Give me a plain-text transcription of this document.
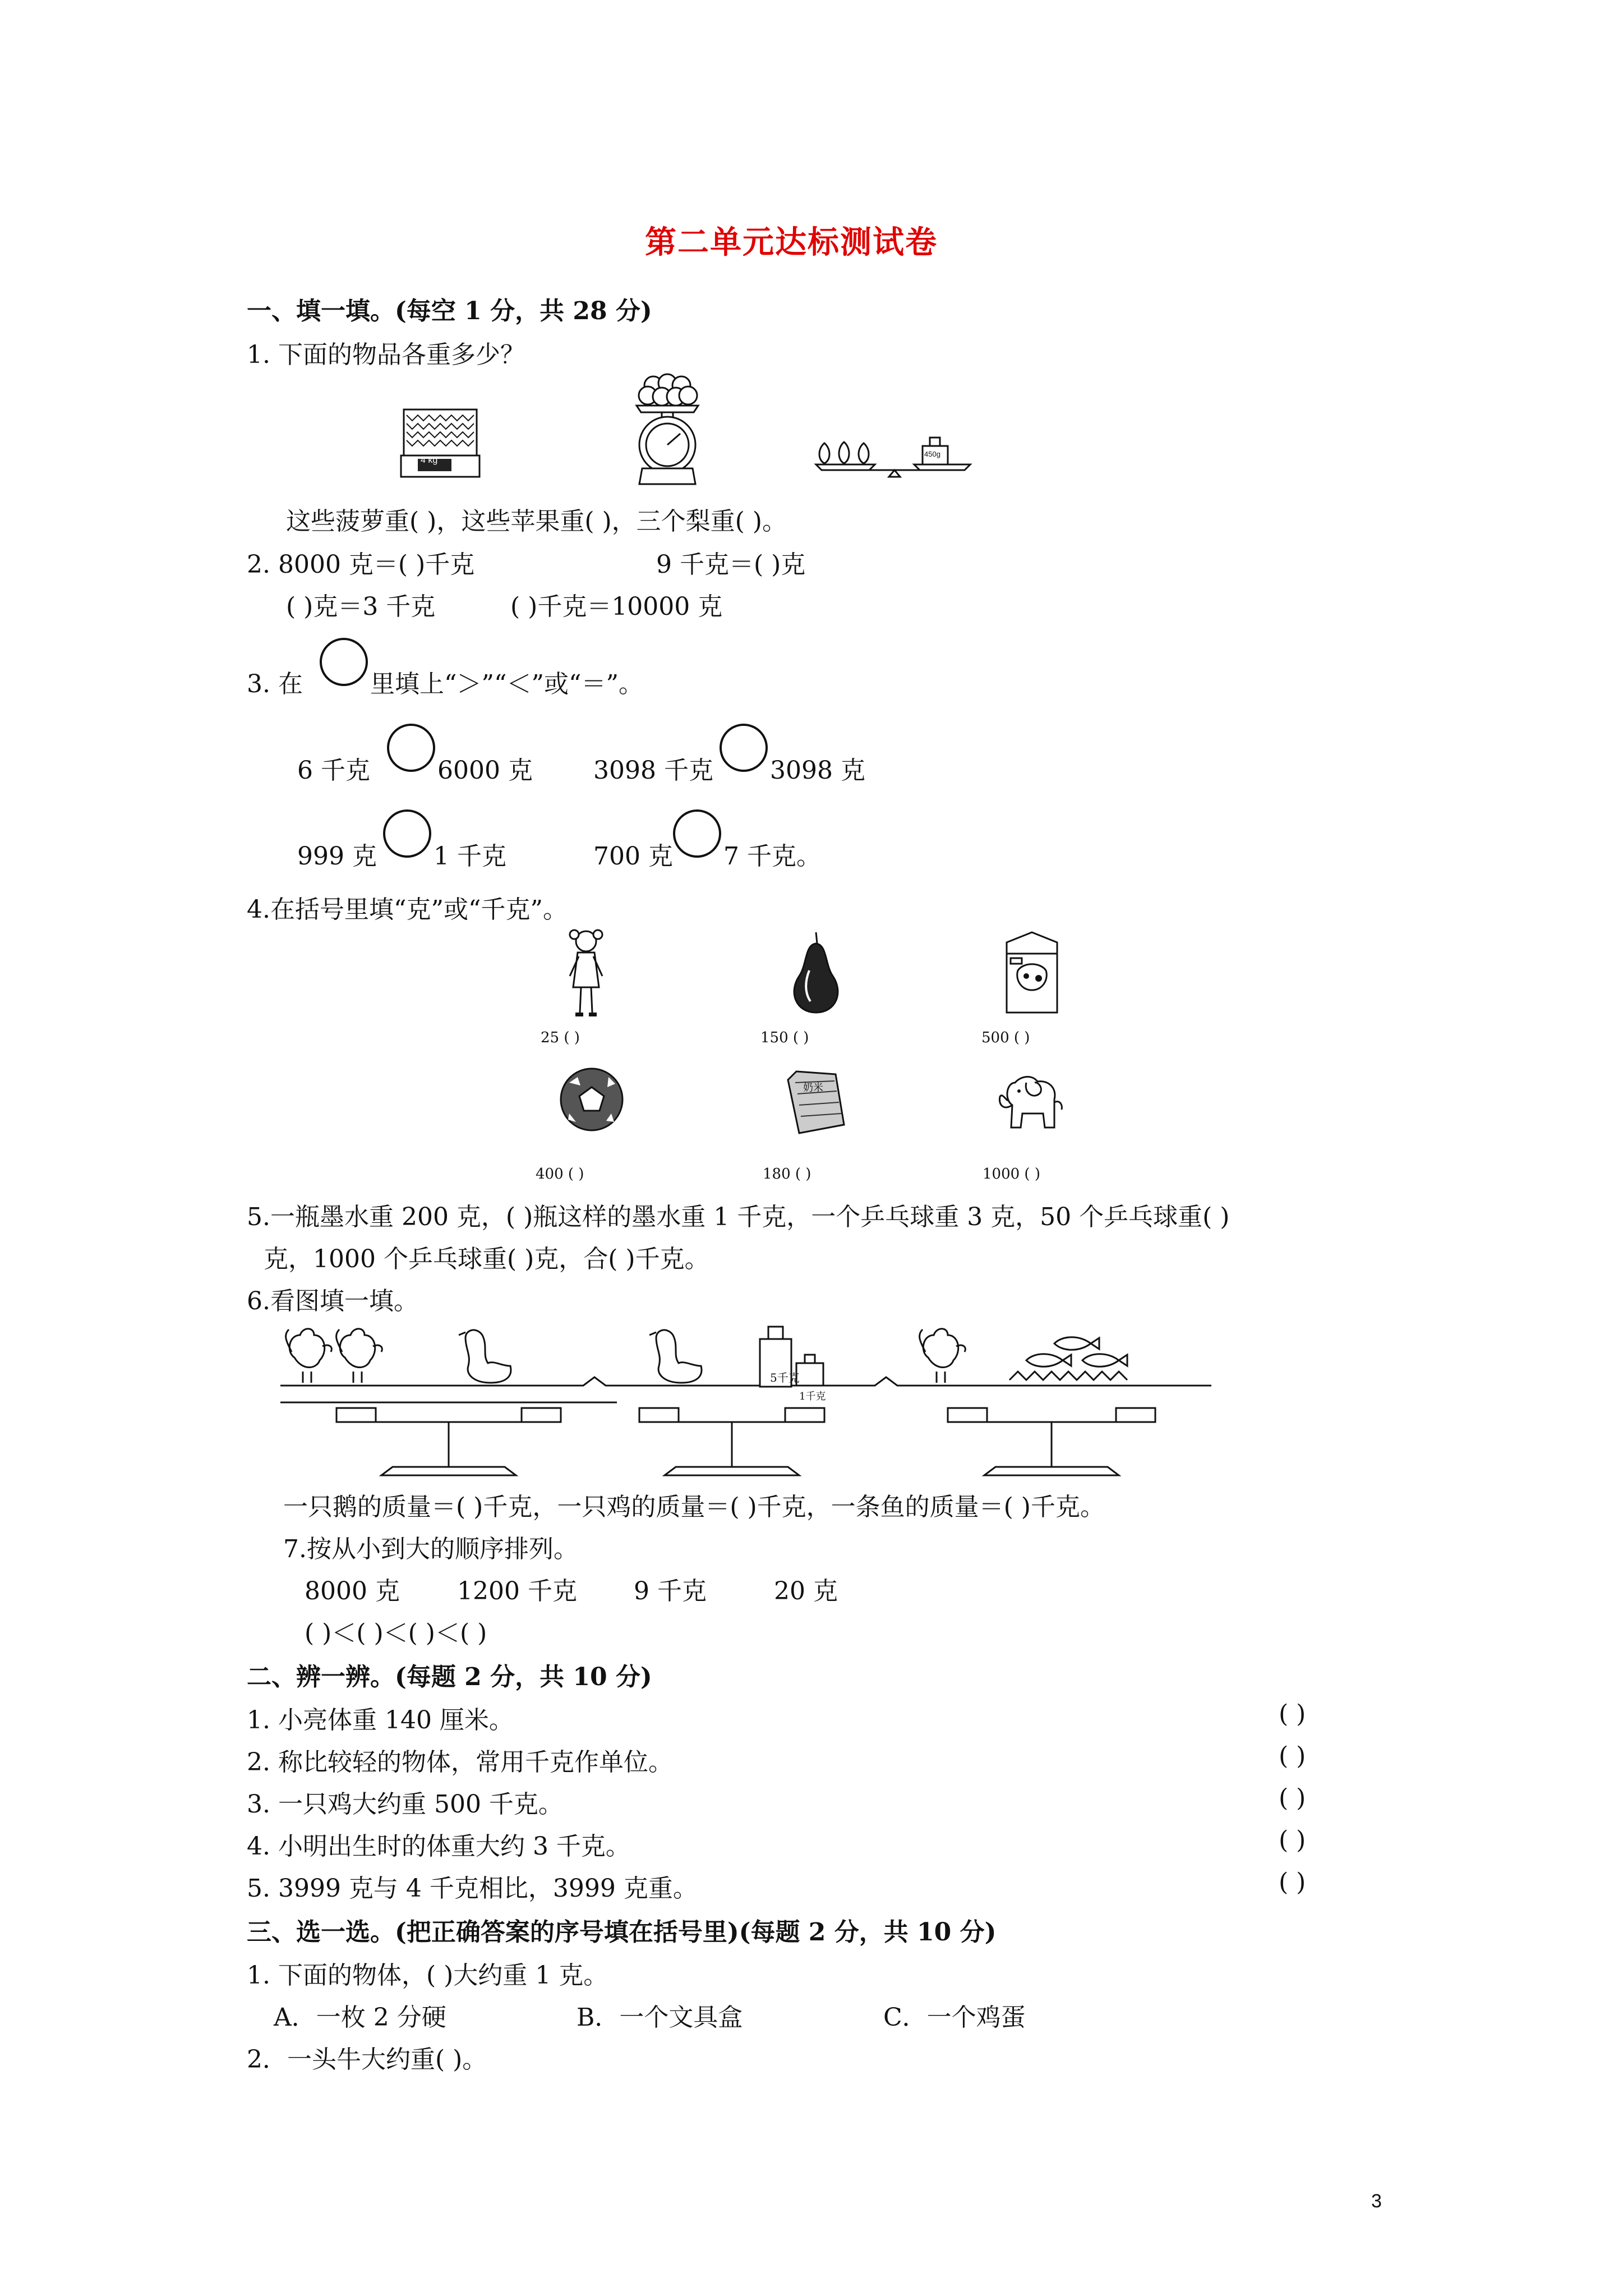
第二单元达标测试卷
一、填一填。(每空 1 分，共 28 分)
1. 下面的物品各重多少？
4 kg
450g
这些菠萝重( )，这些苹果重( )，三个梨重( )。
2. 8000 克＝( )千克	9 千克＝( )克
( )克＝3 千克	( )千克＝10000 克
3. 在	里填上“＞”“＜”或“＝”。
6 千克	6000 克 3098 千克 3098 克
999 克 1 千克	700 克 7 千克。
4.在括号里填“克”或“千克”。
25 ( )	150 ( )	500 ( )
奶米
400 ( )	180 ( )	1000 ( )
5.一瓶墨水重 200 克，( )瓶这样的墨水重 1 千克，一个乒乓球重 3 克，50 个乒乓球重( )
克，1000 个乒乓球重( )克，合( )千克。
6.看图填一填。
5千克
1千克
一只鹅的质量＝( )千克，一只鸡的质量＝( )千克，一条鱼的质量＝( )千克。
7.按从小到大的顺序排列。
8000 克 1200 千克 9 千克	20 克
( )＜( )＜( )＜( )
二、辨一辨。(每题 2 分，共 10 分)
1. 小亮体重 140 厘米。	( )
2. 称比较轻的物体，常用千克作单位。	( )
3. 一只鸡大约重 500 千克。	( )
4. 小明出生时的体重大约 3 千克。	( )
5. 3999 克与 4 千克相比，3999 克重。	( )
三、选一选。(把正确答案的序号填在括号里)(每题 2 分，共 10 分)
1. 下面的物体，( )大约重 1 克。
A．一枚 2 分硬	B．一个文具盒	C．一个鸡蛋
2．一头牛大约重( )。
3
